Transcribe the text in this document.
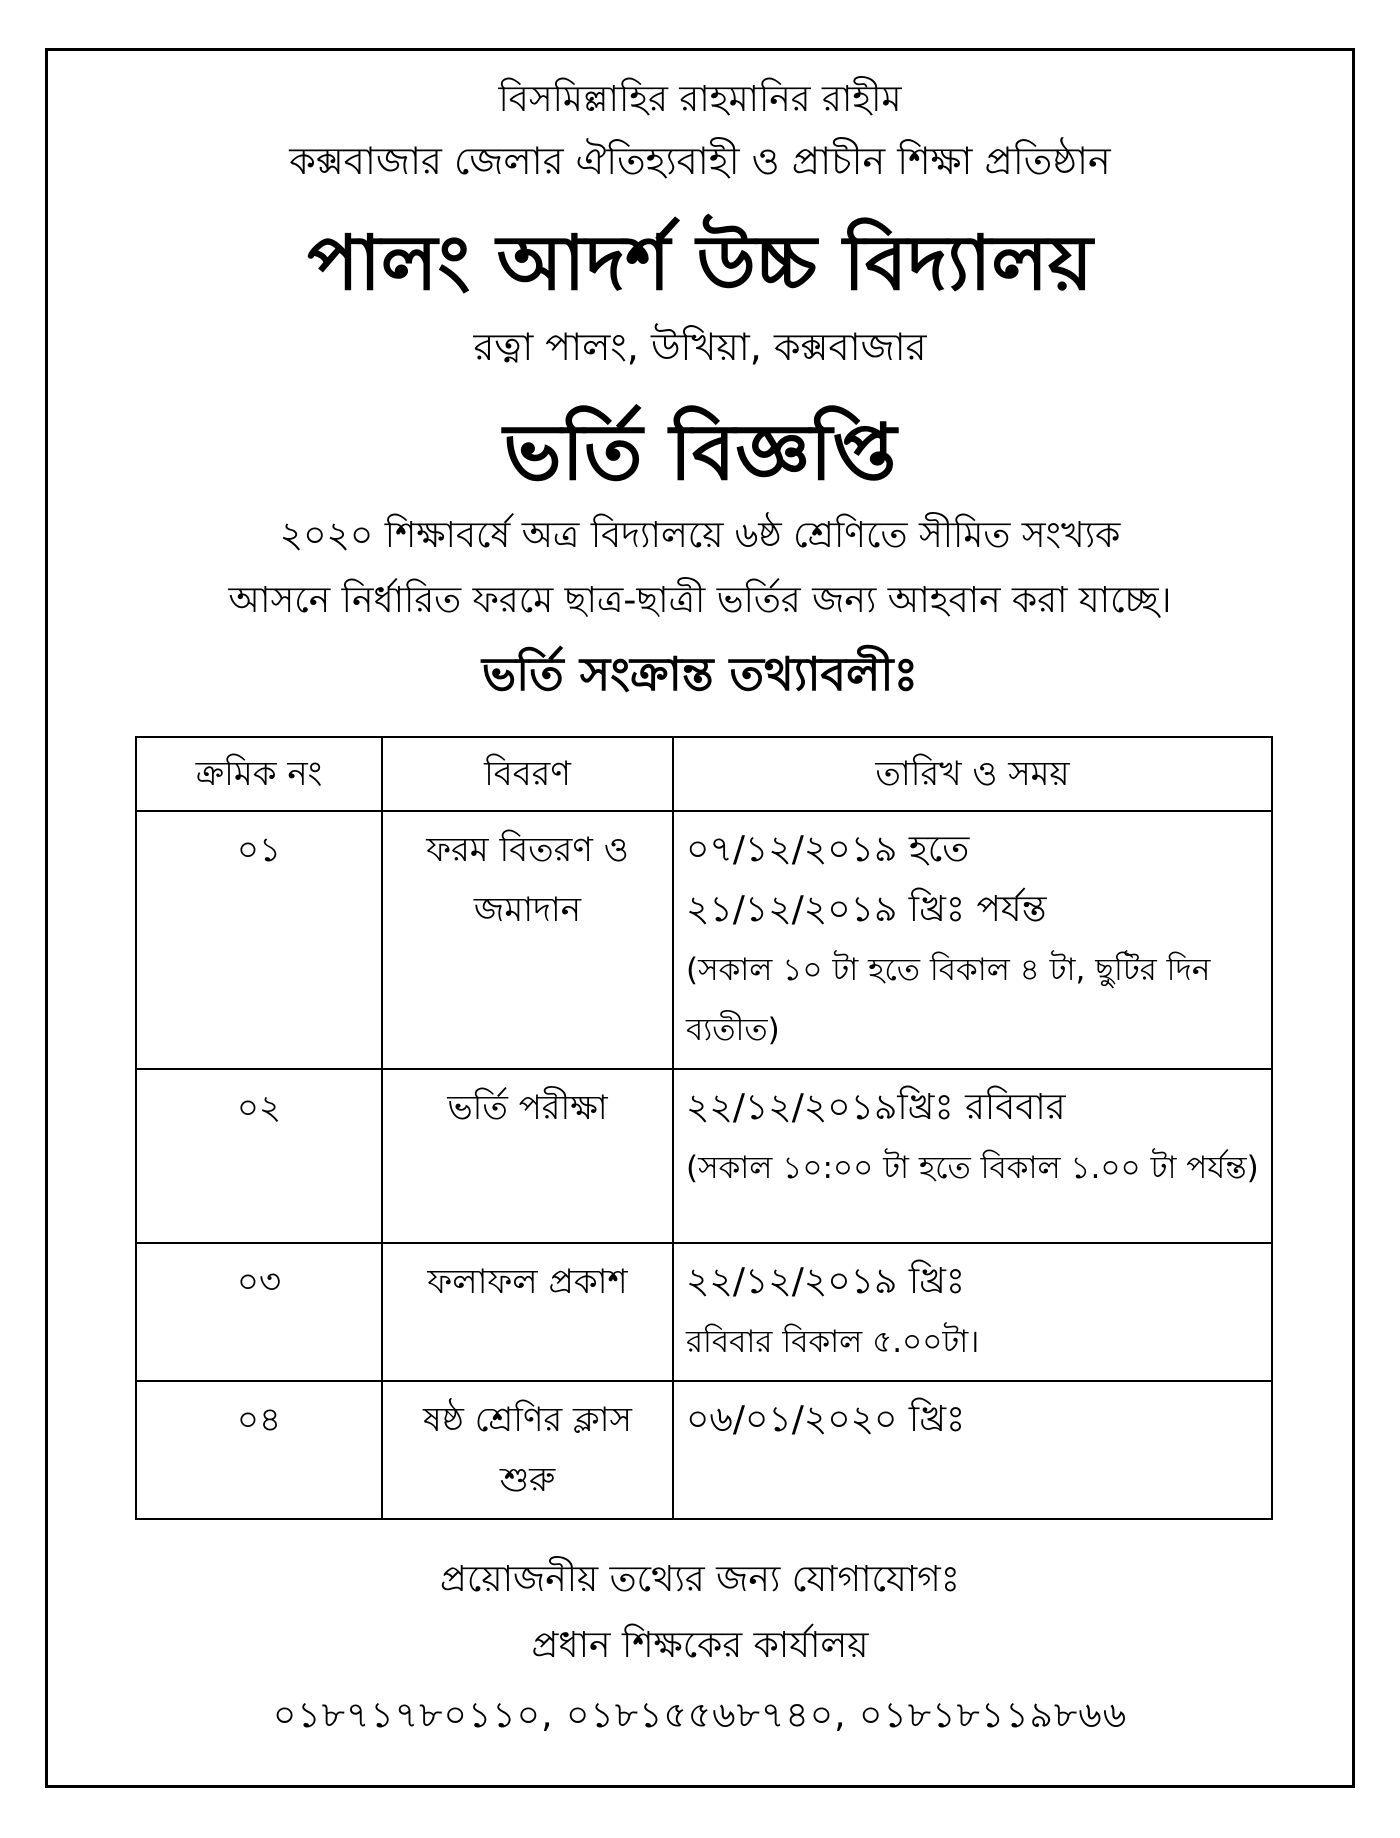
বিসমিল্লাহির রাহমানির রাহীম
কক্সবাজার জেলার ঐতিহ্যবাহী ও প্রাচীন শিক্ষা প্রতিষ্ঠান
পালং আদর্শ উচ্চ বিদ্যালয়
রত্না পালং, উখিয়া, কক্সবাজার
ভর্তি বিজ্ঞপ্তি
২০২০ শিক্ষাবর্ষে অত্র বিদ্যালয়ে ৬ষ্ঠ শ্রেণিতে সীমিত সংখ্যক
আসনে নির্ধারিত ফরমে ছাত্র-ছাত্রী ভর্তির জন্য আহবান করা যাচ্ছে।
ভর্তি সংক্রান্ত তথ্যাবলীঃ
ক্রমিক নং	বিবরণ	তারিখ ও সময়
০১	ফরম বিতরণ ও জমাদান	০৭/১২/২০১৯ হতে
২১/১২/২০১৯ খ্রিঃ পর্যন্ত
(সকাল ১০ টা হতে বিকাল ৪ টা, ছুটির দিন ব্যতীত)

০২	ভর্তি পরীক্ষা	২২/১২/২০১৯খ্রিঃ রবিবার
(সকাল ১০:০০ টা হতে বিকাল ১.০০ টা পর্যন্ত)

০৩	ফলাফল প্রকাশ	২২/১২/২০১৯ খ্রিঃ
রবিবার বিকাল ৫.০০টা।

০৪	ষষ্ঠ শ্রেণির ক্লাস শুরু	০৬/০১/২০২০ খ্রিঃ
প্রয়োজনীয় তথ্যের জন্য যোগাযোগঃ
প্রধান শিক্ষকের কার্যালয়
০১৮৭১৭৮০১১০, ০১৮১৫৫৬৮৭৪০, ০১৮১৮১১৯৮৬৬
